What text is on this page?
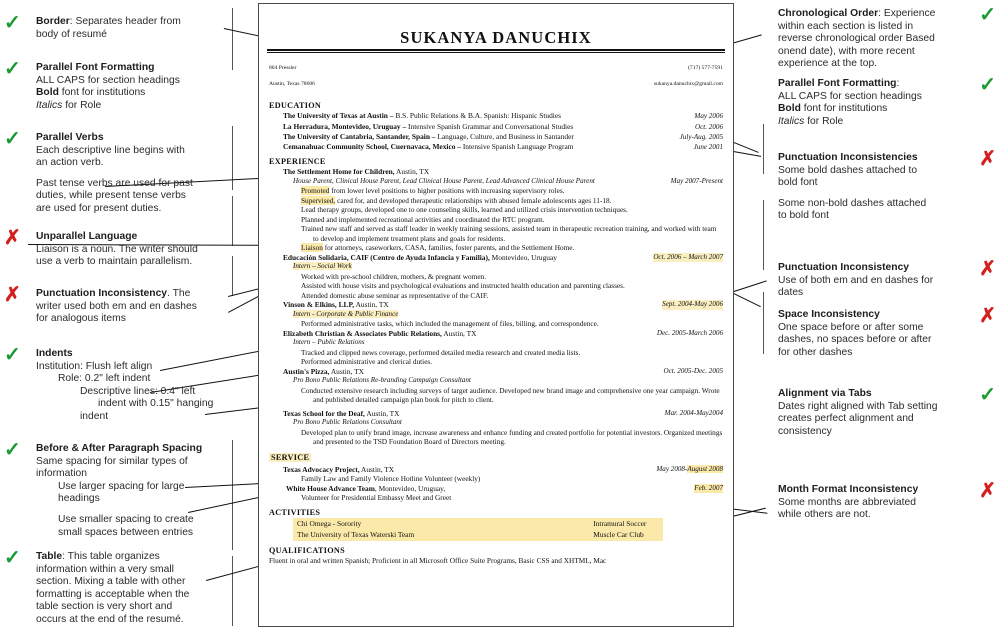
✓ Border: Separates header from

body of resumé

✓ Parallel Font Formatting

ALL CAPS for section headings

Bold font for institutions

Italics for Role

✓ Parallel Verbs

Each descriptive line begins with

an action verb.

Past tense verbs are used for past

duties, while present tense verbs

are used for present duties.

✗ Unparallel Language

Liaison is a noun. The writer should

use a verb to maintain parallelism.

✗ Punctuation Inconsistency. The

writer used both em and en dashes

for analogous items

✓ Indents

Institution: Flush left align

Role: 0.2" left indent

Descriptive lines: 0.4" left

indent with 0.15" hanging

indent

✓ Before & After Paragraph Spacing

Same spacing for similar types of

information

Use larger spacing for large

headings

Use smaller spacing to create

small spaces between entries

✓ Table: This table organizes

information within a very small

section. Mixing a table with other

formatting is acceptable when the

table section is very short and

occurs at the end of the resumé.

✓

Chronological Order: Experience

within each section is listed in

reverse chronological order Based

onend date), with more recent

experience at the top.

✓

Parallel Font Formatting:

ALL CAPS for section headings

Bold font for institutions

Italics for Role

✗

Punctuation Inconsistencies

Some bold dashes attached to

bold font

Some non-bold dashes attached

to bold font

✗

Punctuation Inconsistency

Use of both em and en dashes for

dates

✗

Space Inconsistency

One space before or after some

dashes, no spaces before or after

for other dashes

✓

Alignment via Tabs

Dates right aligned with Tab setting

creates perfect alignment and

consistency

✗

Month Format Inconsistency

Some months are abbreviated

while others are not.

SUKANYA DANUCHIX

804 Pressler

Austin, Texas 78606

(717) 577-7591

sukanya.danuchix@gmail.com

EDUCATION
The University of Texas at Austin – B.S. Public Relations & B.A. Spanish: Hispanic Studies	May 2006
La Herradura, Montevideo, Uruguay – Intensive Spanish Grammar and Conversational Studies	Oct. 2006
The University of Cantabria, Santander, Spain – Language, Culture, and Business in Santander	July-Aug. 2005
Cemanahuac Community School, Cuernavaca, Mexico – Intensive Spanish Language Program	June 2001
EXPERIENCE
The Settlement Home for Children, Austin, TX
House Parent, Clinical House Parent, Lead Clinical House Parent, Lead Advanced Clinical House Parent	May 2007-Present
Promoted from lower level positions to higher positions with increasing supervisory roles.
Supervised, cared for, and developed therapeutic relationships with abused female adolescents ages 11-18.
Lead therapy groups, developed one to one counseling skills, learned and utilized crisis intervention techniques.
Planned and implemented recreational activities and coordinated the RTC program.
Trained new staff and served as staff leader in weekly training sessions, assisted team in therapeutic recreation training, and worked with team to develop and implement treatment plans and goals for residents.
Liaison for attorneys, caseworkers, CASA, families, foster parents, and the Settlement Home.
Educación Solidaria, CAIF (Centro de Ayuda Infancia y Familia), Montevideo, Uruguay	Oct. 2006 – March 2007
Intern – Social Work
Worked with pre-school children, mothers, & pregnant women.
Assisted with house visits and psychological evaluations and instructed health education and parenting classes.
Attended domestic abuse seminar as representative of the CAIF.
Vinson & Elkins, LLP, Austin, TX	Sept. 2004-May 2006
Intern - Corporate & Public Finance
Performed administrative tasks, which included the management of files, billing, and correspondence.
Elizabeth Christian & Associates Public Relations, Austin, TX	Dec. 2005-March 2006
Intern – Public Relations
Tracked and clipped news coverage, performed detailed media research and created media lists.
Performed administrative and clerical duties.
Austin's Pizza, Austin, TX	Oct. 2005-Dec. 2005
Pro Bono Public Relations Re-branding Campaign Consultant
Conducted extensive research including surveys of target audience. Developed new brand image and comprehensive one year campaign. Wrote and published detailed campaign plan book for pitch to client.
Texas School for the Deaf, Austin, TX	Mar. 2004-May2004
Pro Bono Public Relations Consultant
Developed plan to unify brand image, increase awareness and enhance funding and created portfolio for potential investors. Organized meetings and presented to the TSD Foundation Board of Directors meeting.
SERVICE
Texas Advocacy Project, Austin, TX	May 2008-August 2008
Family Law and Family Violence Hotline Volunteer (weekly)
White House Advance Team, Montevideo, Uruguay,	Feb. 2007
Volunteer for Presidential Embassy Meet and Greet
ACTIVITIES
Chi Omega - Sorority	Intramural Soccer
The University of Texas Waterski Team	Muscle Car Club
QUALIFICATIONS
Fluent in oral and written Spanish; Proficient in all Microsoft Office Suite Programs, Basic CSS and XHTML, Mac
